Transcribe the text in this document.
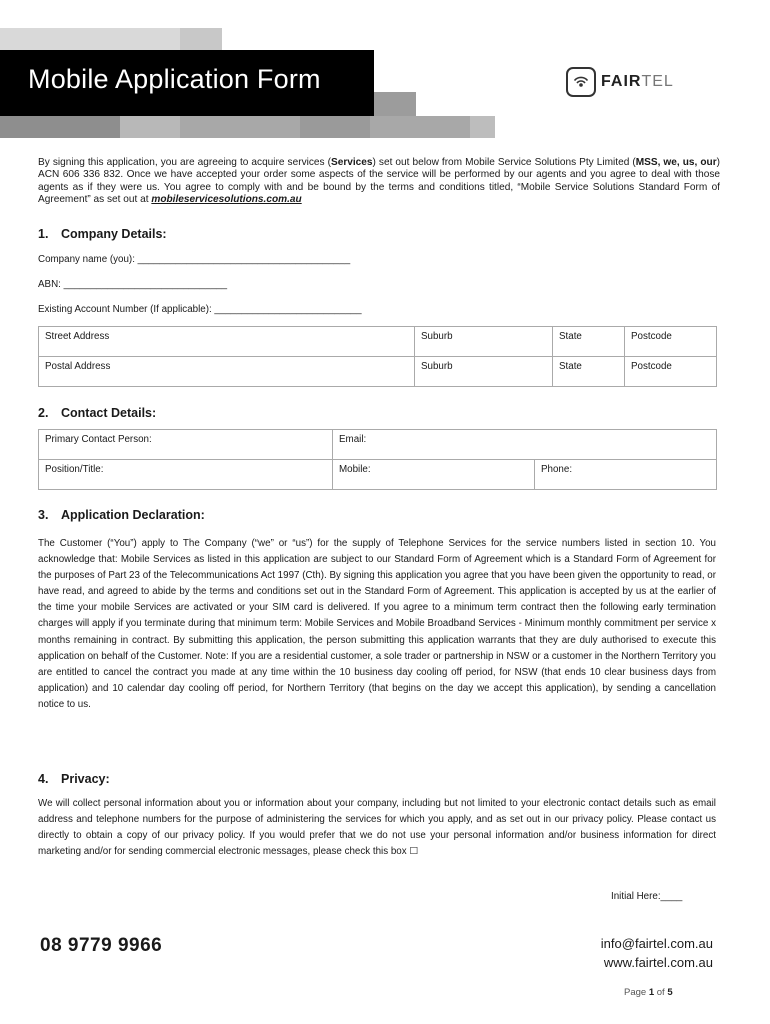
Mobile Application Form	FAIRTEL
By signing this application, you are agreeing to acquire services (Services) set out below from Mobile Service Solutions Pty Limited (MSS, we, us, our) ACN 606 336 832. Once we have accepted your order some aspects of the service will be performed by our agents and you agree to deal with those agents as if they were us. You agree to comply with and be bound by the terms and conditions titled, “Mobile Service Solutions Standard Form of Agreement” as set out at mobileservicesolutions.com.au
1. Company Details:
Company name (you): _______________________________________
ABN: ______________________________
Existing Account Number (If applicable): ___________________________
Street Address	Suburb	State	Postcode
Postal Address	Suburb	State	Postcode
2. Contact Details:
Primary Contact Person:	Email:	
Position/Title:	Mobile:	Phone:
3. Application Declaration:
The Customer (“You”) apply to The Company (“we” or “us”) for the supply of Telephone Services for the service numbers listed in section 10. You acknowledge that: Mobile Services as listed in this application are subject to our Standard Form of Agreement which is a Standard Form of Agreement for the purposes of Part 23 of the Telecommunications Act 1997 (Cth). By signing this application you agree that you have been given the opportunity to read, or have read, and agreed to abide by the terms and conditions set out in the Standard Form of Agreement. This application is accepted by us at the earlier of the time your mobile Services are activated or your SIM card is delivered. If you agree to a minimum term contract then the following early termination charges will apply if you terminate during that minimum term: Mobile Services and Mobile Broadband Services - Minimum monthly commitment per service x months remaining in contract. By submitting this application, the person submitting this application warrants that they are duly authorised to execute this application on behalf of the Customer. Note: If you are a residential customer, a sole trader or partnership in NSW or a customer in the Northern Territory you are entitled to cancel the contract you made at any time within the 10 business day cooling off period, for NSW (that ends 10 clear business days from application) and 10 calendar day cooling off period, for Northern Territory (that begins on the day we accept this application), by sending a cancellation notice to us.
4. Privacy:
We will collect personal information about you or information about your company, including but not limited to your electronic contact details such as email address and telephone numbers for the purpose of administering the services for which you apply, and as set out in our privacy policy. Please contact us directly to obtain a copy of our privacy policy. If you would prefer that we do not use your personal information and/or business information for direct marketing and/or for sending commercial electronic messages, please check this box ☐
Initial Here:____
08 9779 9966	info@fairtel.com.au
www.fairtel.com.au
Page 1 of 5
